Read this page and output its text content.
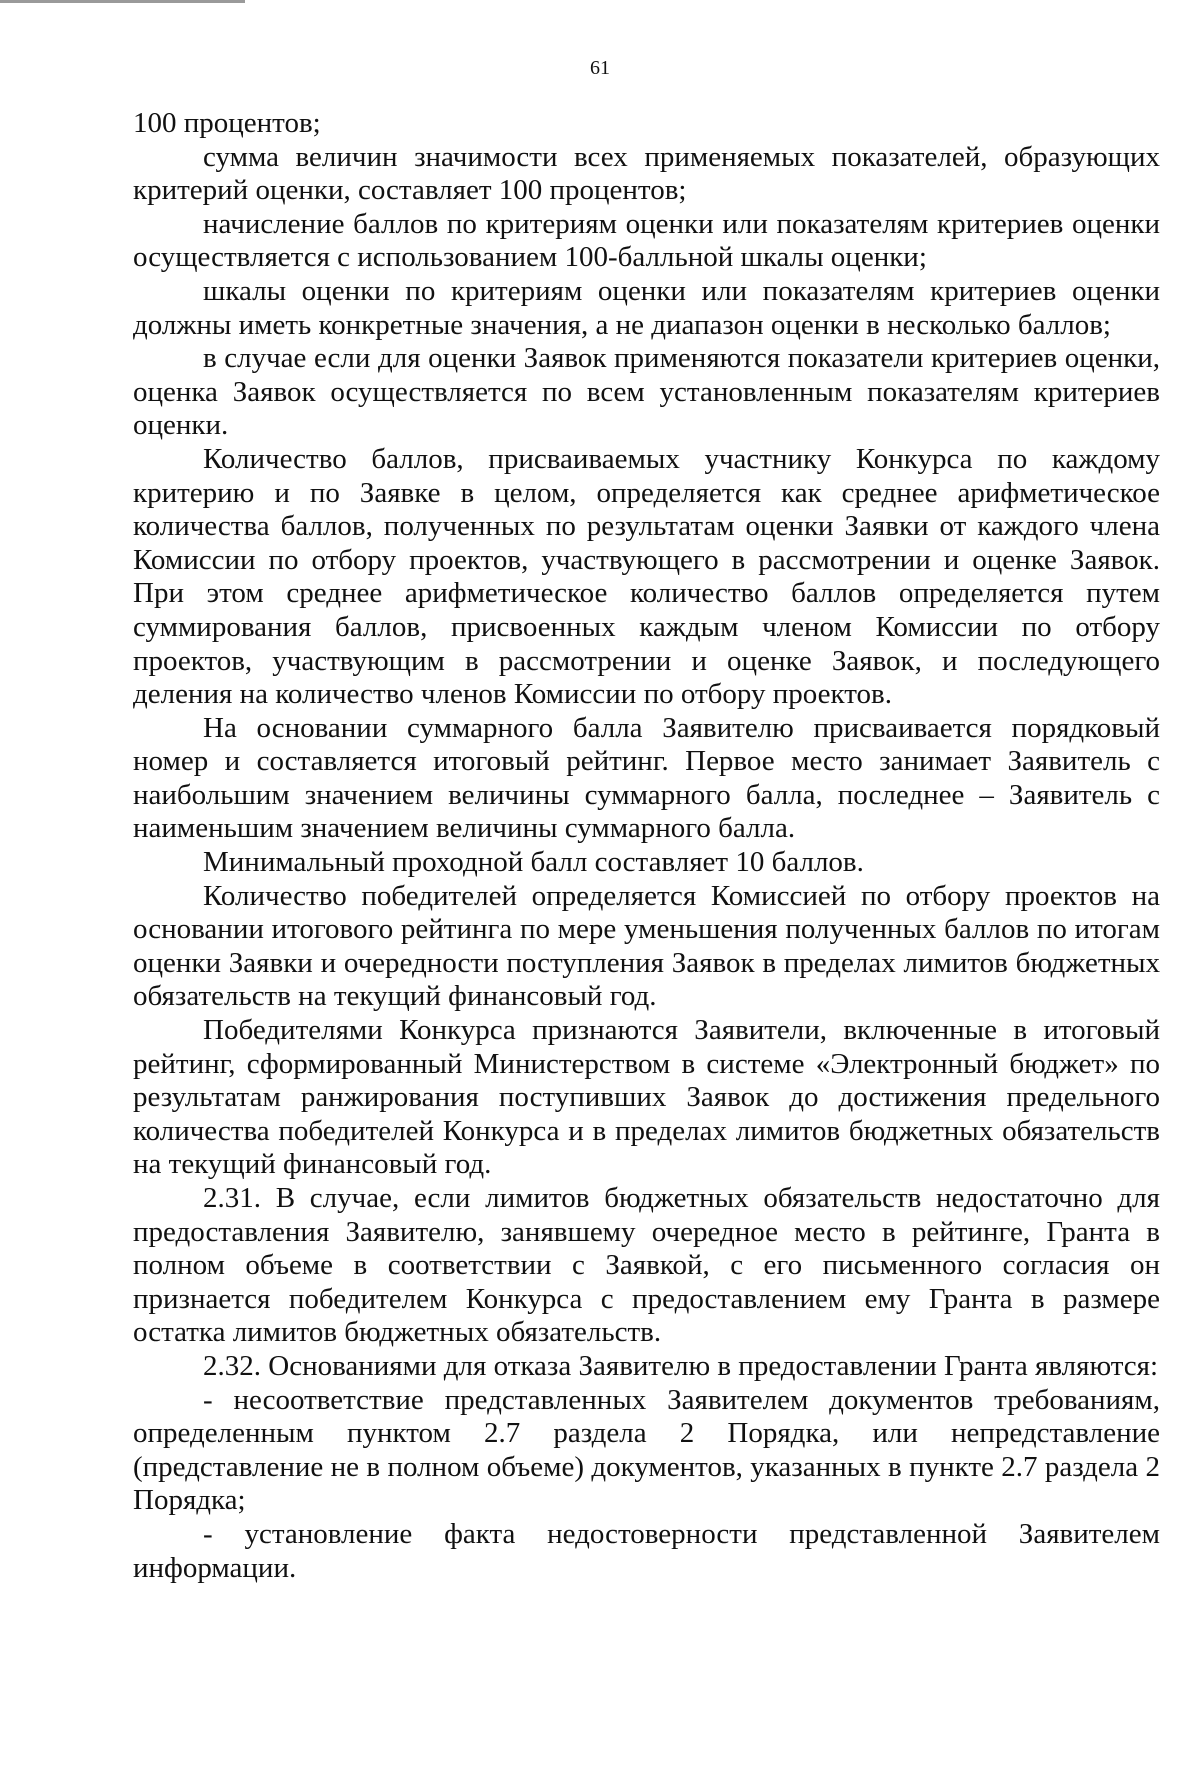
61

100 процентов;

сумма величин значимости всех применяемых показателей, образующих критерий оценки, составляет 100 процентов;

начисление баллов по критериям оценки или показателям критериев оценки осуществляется с использованием 100-балльной шкалы оценки;

шкалы оценки по критериям оценки или показателям критериев оценки должны иметь конкретные значения, а не диапазон оценки в несколько баллов;

в случае если для оценки Заявок применяются показатели критериев оценки, оценка Заявок осуществляется по всем установленным показателям критериев оценки.

Количество баллов, присваиваемых участнику Конкурса по каждому критерию и по Заявке в целом, определяется как среднее арифметическое количества баллов, полученных по результатам оценки Заявки от каждого члена Комиссии по отбору проектов, участвующего в рассмотрении и оценке Заявок. При этом среднее арифметическое количество баллов определяется путем суммирования баллов, присвоенных каждым членом Комиссии по отбору проектов, участвующим в рассмотрении и оценке Заявок, и последующего деления на количество членов Комиссии по отбору проектов.

На основании суммарного балла Заявителю присваивается порядковый номер и составляется итоговый рейтинг. Первое место занимает Заявитель с наибольшим значением величины суммарного балла, последнее – Заявитель с наименьшим значением величины суммарного балла.

Минимальный проходной балл составляет 10 баллов.

Количество победителей определяется Комиссией по отбору проектов на основании итогового рейтинга по мере уменьшения полученных баллов по итогам оценки Заявки и очередности поступления Заявок в пределах лимитов бюджетных обязательств на текущий финансовый год.

Победителями Конкурса признаются Заявители, включенные в итоговый рейтинг, сформированный Министерством в системе «Электронный бюджет» по результатам ранжирования поступивших Заявок до достижения предельного количества победителей Конкурса и в пределах лимитов бюджетных обязательств на текущий финансовый год.

2.31. В случае, если лимитов бюджетных обязательств недостаточно для предоставления Заявителю, занявшему очередное место в рейтинге, Гранта в полном объеме в соответствии с Заявкой, с его письменного согласия он признается победителем Конкурса с предоставлением ему Гранта в размере остатка лимитов бюджетных обязательств.

2.32. Основаниями для отказа Заявителю в предоставлении Гранта являются:

- несоответствие представленных Заявителем документов требованиям, определенным пунктом 2.7 раздела 2 Порядка, или непредставление (представление не в полном объеме) документов, указанных в пункте 2.7 раздела 2 Порядка;

- установление факта недостоверности представленной Заявителем информации.
